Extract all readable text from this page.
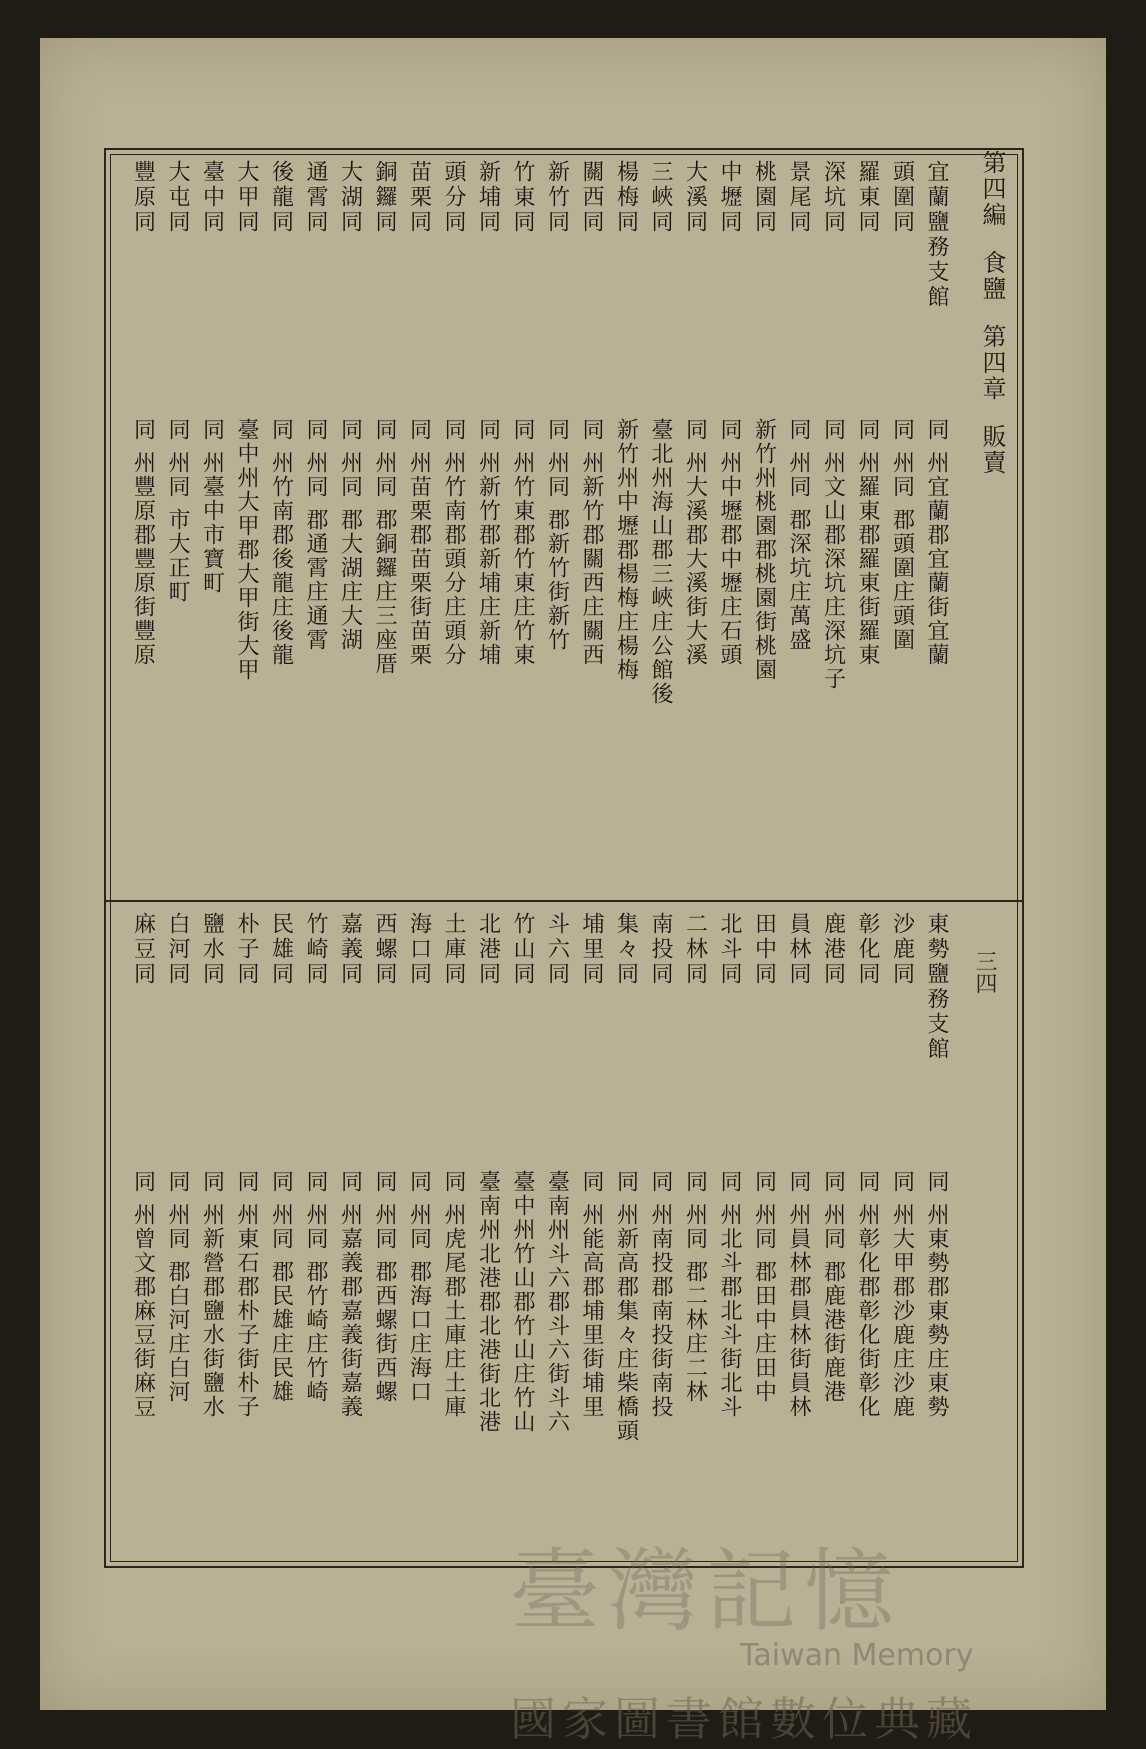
第四編
食鹽
第四章
販賣
三四
宜蘭鹽務支館
同 州宜蘭郡宜蘭街宜蘭
頭圍同
同 州同 郡頭圍庄頭圍
羅東同
同 州羅東郡羅東街羅東
深坑同
同 州文山郡深坑庄深坑子
景尾同
同 州同 郡深坑庄萬盛
桃園同
新竹州桃園郡桃園街桃園
中壢同
同 州中壢郡中壢庄石頭
大溪同
同 州大溪郡大溪街大溪
三峽同
臺北州海山郡三峽庄公館後
楊梅同
新竹州中壢郡楊梅庄楊梅
關西同
同 州新竹郡關西庄關西
新竹同
同 州同 郡新竹街新竹
竹東同
同 州竹東郡竹東庄竹東
新埔同
同 州新竹郡新埔庄新埔
頭分同
同 州竹南郡頭分庄頭分
苗栗同
同 州苗栗郡苗栗街苗栗
銅鑼同
同 州同 郡銅鑼庄三座厝
大湖同
同 州同 郡大湖庄大湖
通霄同
同 州同 郡通霄庄通霄
後龍同
同 州竹南郡後龍庄後龍
大甲同
臺中州大甲郡大甲街大甲
臺中同
同 州臺中市寶町
大屯同
同 州同 市大正町
豐原同
同 州豐原郡豐原街豐原
東勢鹽務支館
同 州東勢郡東勢庄東勢
沙鹿同
同 州大甲郡沙鹿庄沙鹿
彰化同
同 州彰化郡彰化街彰化
鹿港同
同 州同 郡鹿港街鹿港
員林同
同 州員林郡員林街員林
田中同
同 州同 郡田中庄田中
北斗同
同 州北斗郡北斗街北斗
二林同
同 州同 郡二林庄二林
南投同
同 州南投郡南投街南投
集々同
同 州新高郡集々庄柴橋頭
埔里同
同 州能高郡埔里街埔里
斗六同
臺南州斗六郡斗六街斗六
竹山同
臺中州竹山郡竹山庄竹山
北港同
臺南州北港郡北港街北港
土庫同
同 州虎尾郡土庫庄土庫
海口同
同 州同 郡海口庄海口
西螺同
同 州同 郡西螺街西螺
嘉義同
同 州嘉義郡嘉義街嘉義
竹崎同
同 州同 郡竹崎庄竹崎
民雄同
同 州同 郡民雄庄民雄
朴子同
同 州東石郡朴子街朴子
鹽水同
同 州新營郡鹽水街鹽水
白河同
同 州同 郡白河庄白河
麻豆同
同 州曾文郡麻豆街麻豆
臺灣記憶
Taiwan Memory
國家圖書館數位典藏
